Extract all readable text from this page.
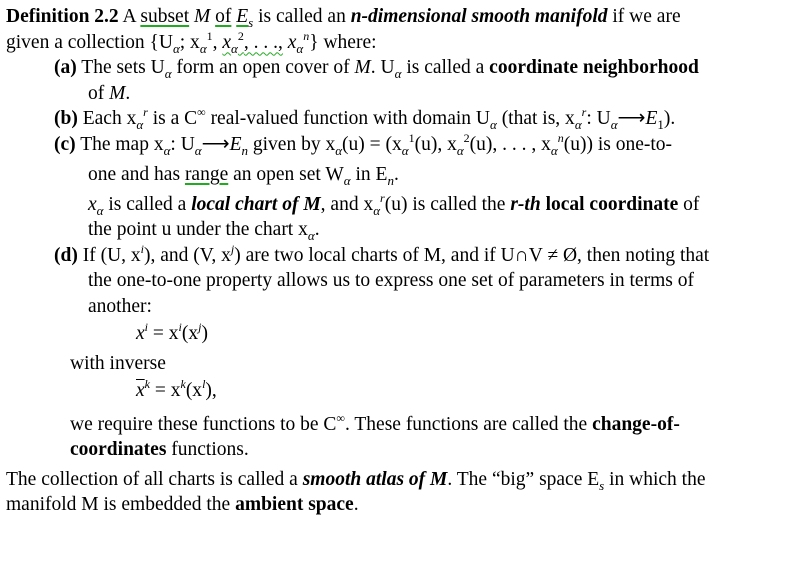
Definition 2.2 A subset M of $E_s$ is called an n-dimensional smooth manifold if we are

given a collection {$U_\alpha$; $x_\alpha^1$, $x_\alpha^2$, . . ., $x_\alpha^n$} where:

(a) The sets $U_\alpha$ form an open cover of M. $U_\alpha$ is called a coordinate neighborhood

of M.

(b) Each $x_\alpha^r$ is a C∞ real-valued function with domain $U_\alpha$ (that is, $x_\alpha^r$: $U_\alpha⟶E_1$).

(c) The map $x_\alpha$: $U_\alpha⟶E_n$ given by $x_\alpha(u) = (x_\alpha^1(u)$, $x_\alpha^2(u)$, . . . , $x_\alpha^n(u)$) is one-to-

one and has range an open set $W_\alpha$ in $E_n$.

$x_\alpha$ is called a local chart of M, and $x_\alpha^r(u)$ is called the r-th local coordinate of

the point u under the chart $x_\alpha$.

(d) If (U, $x^i$), and (V, $x^j$) are two local charts of M, and if U∩V ≠ Ø, then noting that

the one-to-one property allows us to express one set of parameters in terms of

another:

$x^i = x^i(x^j)$

with inverse

$\overline{x}^k = x^k(x^l)$,

we require these functions to be C∞. These functions are called the change-of-

coordinates functions.

The collection of all charts is called a smooth atlas of M. The “big” space $E_s$ in which the

manifold M is embedded the ambient space.
